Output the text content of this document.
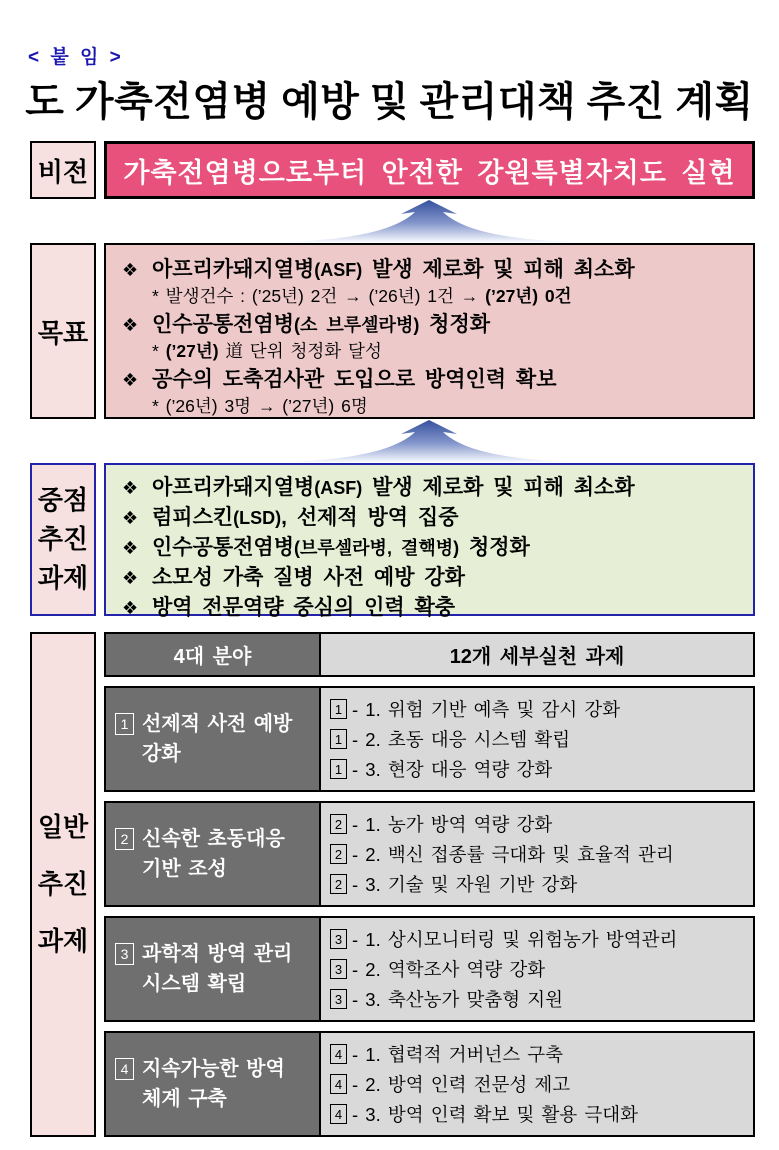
< 붙 임 >
도 가축전염병 예방 및 관리대책 추진 계획
비전 가축전염병으로부터 안전한 강원특별자치도 실현
목표
❖ 아프리카돼지열병(ASF) 발생 제로화 및 피해 최소화
* 발생건수 : (’25년) 2건 → (’26년) 1건 → (’27년) 0건
❖ 인수공통전염병(소 브루셀라병) 청정화
* (’27년) 道 단위 청정화 달성
❖ 공수의 도축검사관 도입으로 방역인력 확보
* (’26년) 3명 → (’27년) 6명
중점
추진
과제
❖ 아프리카돼지열병(ASF) 발생 제로화 및 피해 최소화
❖ 럼피스킨(LSD), 선제적 방역 집중
❖ 인수공통전염병(브루셀라병, 결핵병) 청정화
❖ 소모성 가축 질병 사전 예방 강화
❖ 방역 전문역량 중심의 인력 확충
일반
추진
과제
4대 분야	12개 세부실천 과제
1 선제적 사전 예방 강화
1 - 1. 위험 기반 예측 및 감시 강화
1 - 2. 초동 대응 시스템 확립
1 - 3. 현장 대응 역량 강화
2 신속한 초동대응 기반 조성
2 - 1. 농가 방역 역량 강화
2 - 2. 백신 접종률 극대화 및 효율적 관리
2 - 3. 기술 및 자원 기반 강화
3 과학적 방역 관리 시스템 확립
3 - 1. 상시모니터링 및 위험농가 방역관리
3 - 2. 역학조사 역량 강화
3 - 3. 축산농가 맞춤형 지원
4 지속가능한 방역 체계 구축
4 - 1. 협력적 거버넌스 구축
4 - 2. 방역 인력 전문성 제고
4 - 3. 방역 인력 확보 및 활용 극대화
